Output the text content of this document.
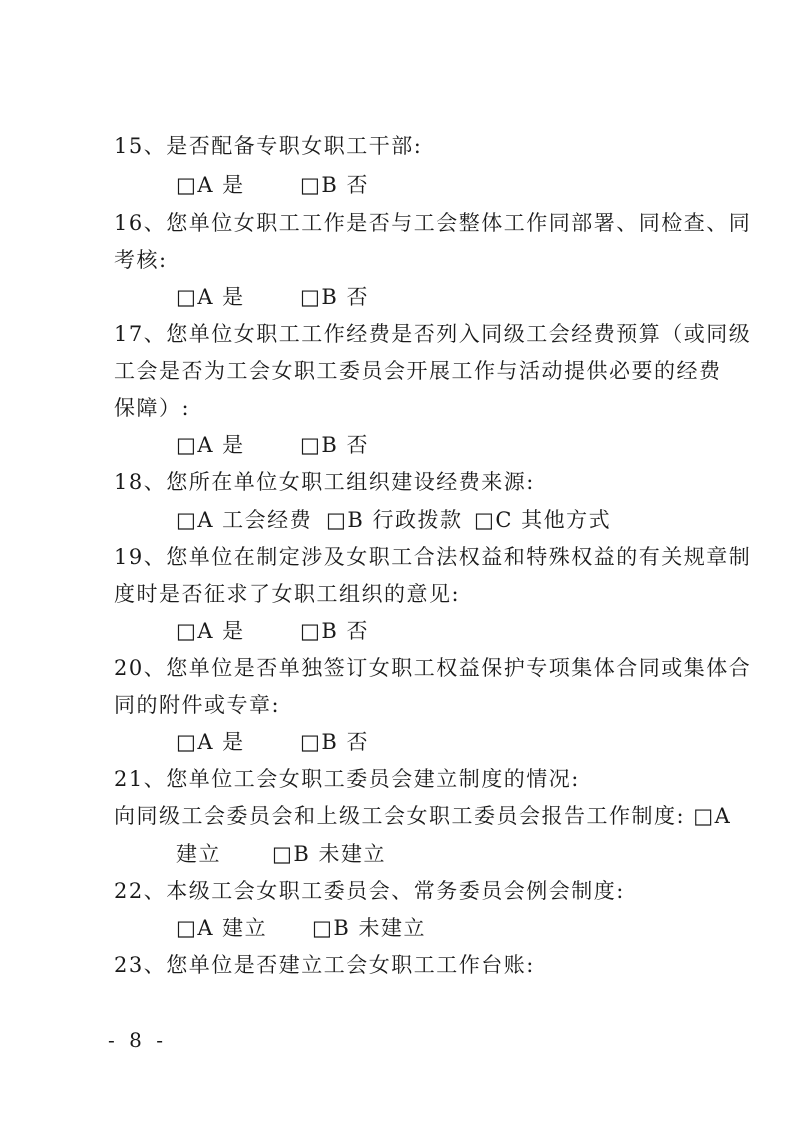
15、是否配备专职女职工干部:
□A 是	□B 否
16、您单位女职工工作是否与工会整体工作同部署、同检查、同
考核:
□A 是	□B 否
17、您单位女职工工作经费是否列入同级工会经费预算（或同级
工会是否为工会女职工委员会开展工作与活动提供必要的经费
保障）:
□A 是	□B 否
18、您所在单位女职工组织建设经费来源:
□A 工会经费 □B 行政拨款 □C 其他方式
19、您单位在制定涉及女职工合法权益和特殊权益的有关规章制
度时是否征求了女职工组织的意见:
□A 是	□B 否
20、您单位是否单独签订女职工权益保护专项集体合同或集体合
同的附件或专章:
□A 是	□B 否
21、您单位工会女职工委员会建立制度的情况:
向同级工会委员会和上级工会女职工委员会报告工作制度: □A
建立 □B 未建立
22、本级工会女职工委员会、常务委员会例会制度:
□A 建立 □B 未建立
23、您单位是否建立工会女职工工作台账:
- 8 -
